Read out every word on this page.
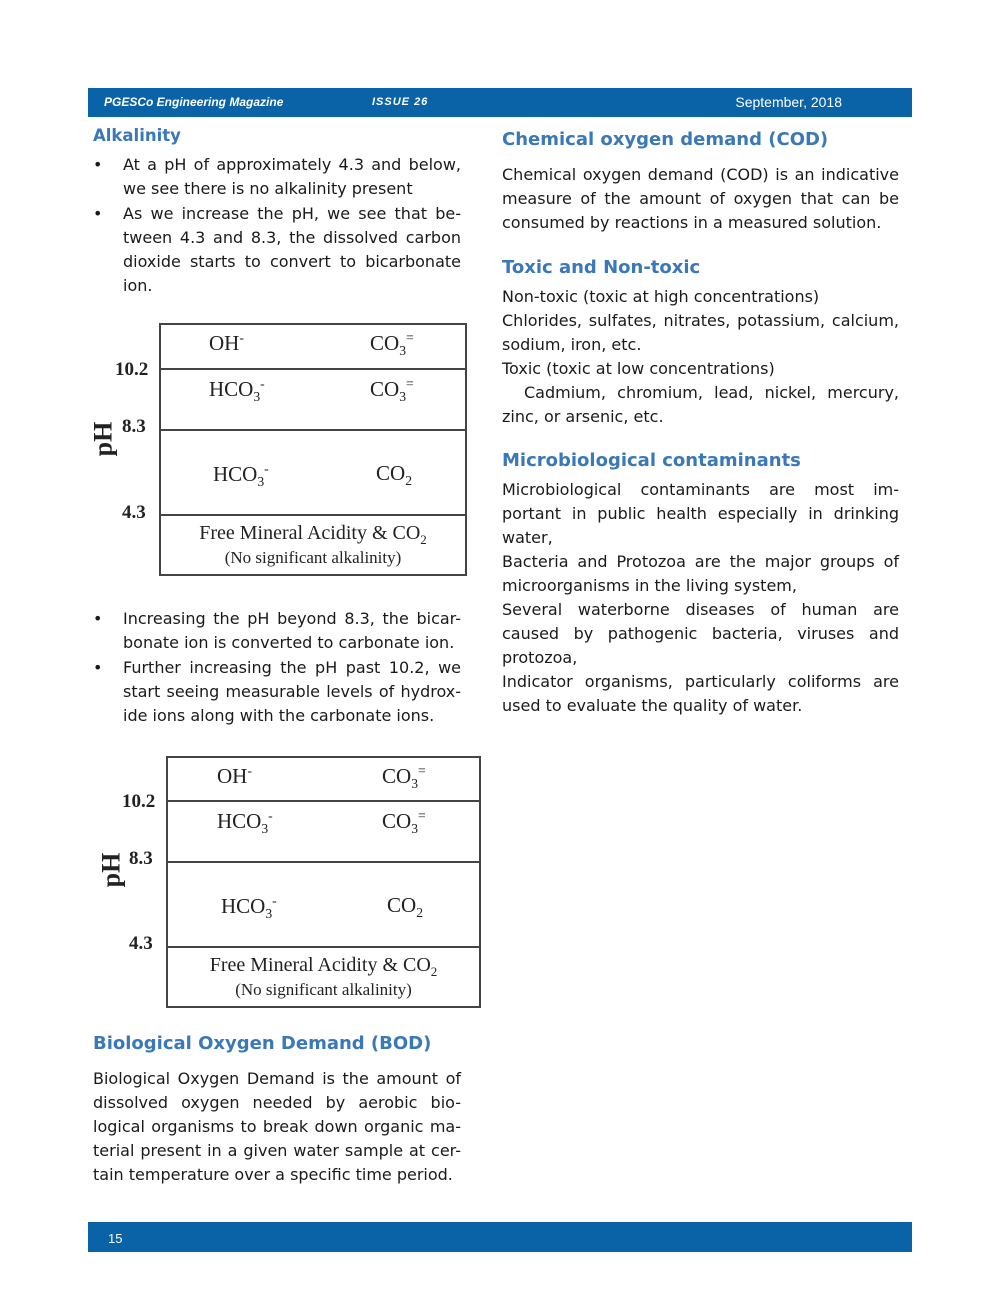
PGESCo Engineering Magazine	ISSUE 26	September, 2018
Alkalinity
• At a pH of approximately 4.3 and below, we see there is no alkalinity present
• As we increase the pH, we see that be-tween 4.3 and 8.3, the dissolved carbon dioxide starts to convert to bicarbonate ion.
pH
10.2
8.3
4.3
OH-	$CO_3^=$
$HCO_3^-$	$CO_3^=$
$HCO_3^-$	$CO_2$
Free Mineral Acidity & $CO_2$
(No significant alkalinity)
• Increasing the pH beyond 8.3, the bicar-bonate ion is converted to carbonate ion.
• Further increasing the pH past 10.2, we start seeing measurable levels of hydrox-ide ions along with the carbonate ions.
pH
10.2
8.3
4.3
OH-	$CO_3^=$
$HCO_3^-$	$CO_3^=$
$HCO_3^-$	$CO_2$
Free Mineral Acidity & $CO_2$
(No significant alkalinity)
Biological Oxygen Demand (BOD)

Biological Oxygen Demand is the amount of dissolved oxygen needed by aerobic bio-logical organisms to break down organic ma-terial present in a given water sample at cer-tain temperature over a specific time period.

Chemical oxygen demand (COD)

Chemical oxygen demand (COD) is an indicative measure of the amount of oxygen that can be consumed by reactions in a measured solution.

Toxic and Non-toxic

Non-toxic (toxic at high concentrations)

Chlorides, sulfates, nitrates, potassium, calcium, sodium, iron, etc.

Toxic (toxic at low concentrations)

Cadmium, chromium, lead, nickel, mercury, zinc, or arsenic, etc.

Microbiological contaminants

Microbiological contaminants are most im-portant in public health especially in drinking water,

Bacteria and Protozoa are the major groups of microorganisms in the living system,

Several waterborne diseases of human are caused by pathogenic bacteria, viruses and protozoa,

Indicator organisms, particularly coliforms are used to evaluate the quality of water.

15
